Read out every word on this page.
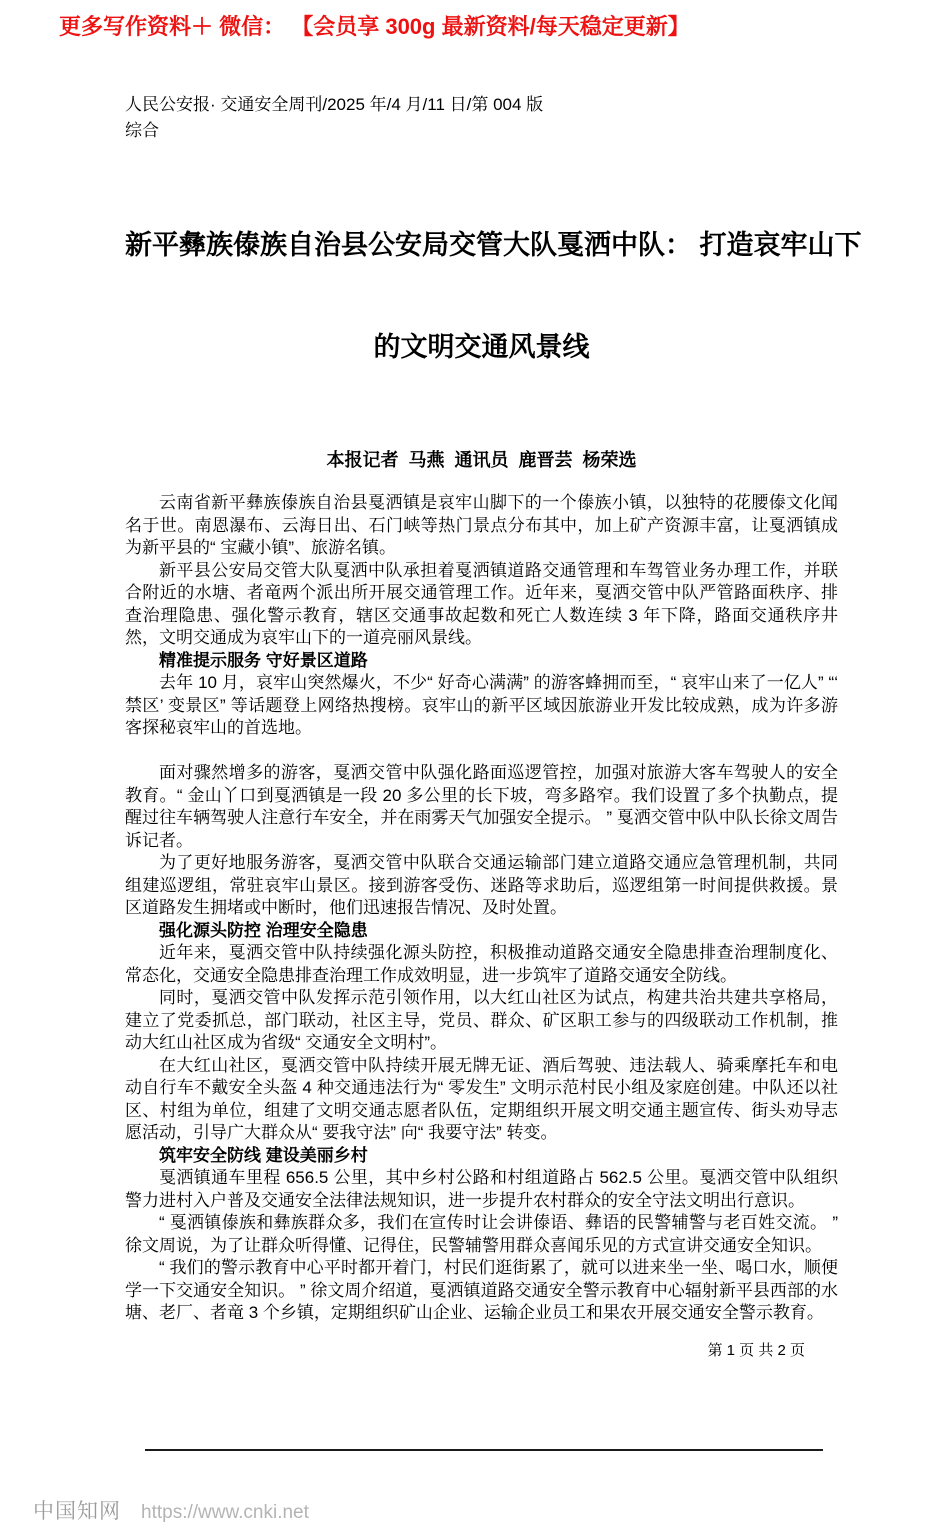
更多写作资料＋ 微信： 【会员享 300g 最新资料/每天稳定更新】
人民公安报· 交通安全周刊/2025 年/4 月/11 日/第 004 版
综合

新平彝族傣族自治县公安局交管大队戛洒中队： 打造哀牢山下

的文明交通风景线

本报记者  马燕  通讯员  鹿晋芸  杨荣选

云南省新平彝族傣族自治县戛洒镇是哀牢山脚下的一个傣族小镇，以独特的花腰傣文化闻名于世。南恩瀑布、云海日出、石门峡等热门景点分布其中，加上矿产资源丰富，让戛洒镇成为新平县的“ 宝藏小镇”、旅游名镇。

新平县公安局交管大队戛洒中队承担着戛洒镇道路交通管理和车驾管业务办理工作，并联合附近的水塘、者竜两个派出所开展交通管理工作。近年来，戛洒交管中队严管路面秩序、排查治理隐患、强化警示教育，辖区交通事故起数和死亡人数连续 3 年下降，路面交通秩序井然，文明交通成为哀牢山下的一道亮丽风景线。

精准提示服务 守好景区道路

去年 10 月，哀牢山突然爆火，不少“ 好奇心满满” 的游客蜂拥而至，“ 哀牢山来了一亿人” “‘ 禁区’ 变景区” 等话题登上网络热搜榜。哀牢山的新平区域因旅游业开发比较成熟，成为许多游客探秘哀牢山的首选地。

面对骤然增多的游客，戛洒交管中队强化路面巡逻管控，加强对旅游大客车驾驶人的安全教育。“ 金山丫口到戛洒镇是一段 20 多公里的长下坡，弯多路窄。我们设置了多个执勤点，提醒过往车辆驾驶人注意行车安全，并在雨雾天气加强安全提示。 ” 戛洒交管中队中队长徐文周告诉记者。

为了更好地服务游客，戛洒交管中队联合交通运输部门建立道路交通应急管理机制，共同组建巡逻组，常驻哀牢山景区。接到游客受伤、迷路等求助后，巡逻组第一时间提供救援。景区道路发生拥堵或中断时，他们迅速报告情况、及时处置。

强化源头防控 治理安全隐患

近年来，戛洒交管中队持续强化源头防控，积极推动道路交通安全隐患排查治理制度化、常态化，交通安全隐患排查治理工作成效明显，进一步筑牢了道路交通安全防线。

同时，戛洒交管中队发挥示范引领作用，以大红山社区为试点，构建共治共建共享格局，建立了党委抓总，部门联动，社区主导，党员、群众、矿区职工参与的四级联动工作机制，推动大红山社区成为省级“ 交通安全文明村”。

在大红山社区，戛洒交管中队持续开展无牌无证、酒后驾驶、违法载人、骑乘摩托车和电动自行车不戴安全头盔 4 种交通违法行为“ 零发生” 文明示范村民小组及家庭创建。中队还以社区、村组为单位，组建了文明交通志愿者队伍，定期组织开展文明交通主题宣传、街头劝导志愿活动，引导广大群众从“ 要我守法” 向“ 我要守法” 转变。

筑牢安全防线 建设美丽乡村

戛洒镇通车里程 656.5 公里，其中乡村公路和村组道路占 562.5 公里。戛洒交管中队组织警力进村入户普及交通安全法律法规知识，进一步提升农村群众的安全守法文明出行意识。

“ 戛洒镇傣族和彝族群众多，我们在宣传时让会讲傣语、彝语的民警辅警与老百姓交流。 ” 徐文周说，为了让群众听得懂、记得住，民警辅警用群众喜闻乐见的方式宣讲交通安全知识。

“ 我们的警示教育中心平时都开着门，村民们逛街累了，就可以进来坐一坐、喝口水，顺便学一下交通安全知识。 ” 徐文周介绍道，戛洒镇道路交通安全警示教育中心辐射新平县西部的水塘、老厂、者竜 3 个乡镇，定期组织矿山企业、运输企业员工和果农开展交通安全警示教育。

第 1 页 共 2 页
中国知网 https://www.cnki.net
